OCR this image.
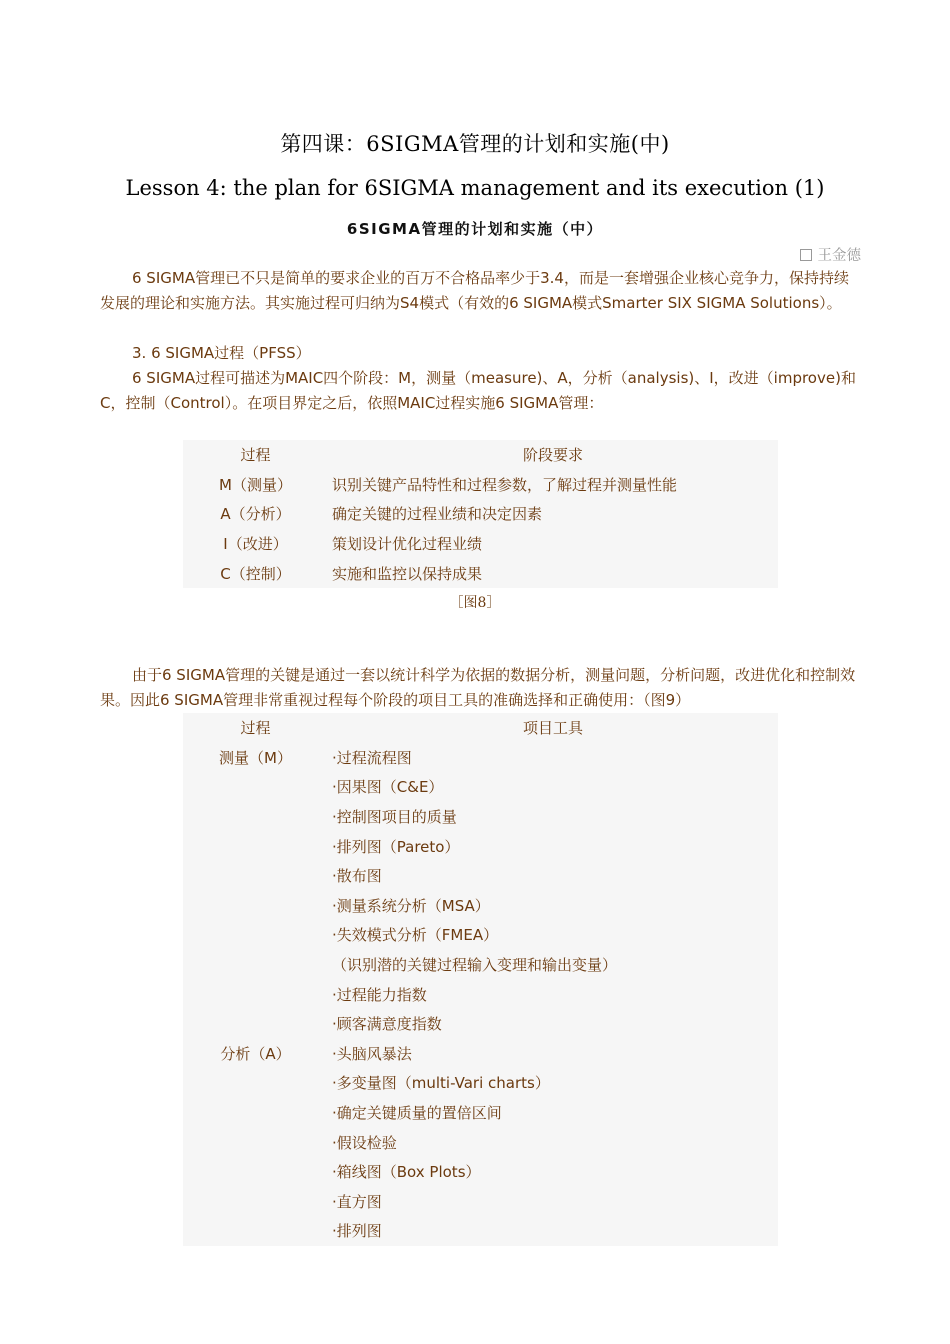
第四课：6SIGMA管理的计划和实施(中)
Lesson 4: the plan for 6SIGMA management and its execution (1)
6SIGMA管理的计划和实施（中）
王金德

6 SIGMA管理已不只是简单的要求企业的百万不合格品率少于3.4，而是一套增强企业核心竞争力，保持持续发展的理论和实施方法。其实施过程可归纳为S4模式（有效的6 SIGMA模式Smarter SIX SIGMA Solutions）。

3. 6 SIGMA过程（PFSS）

6 SIGMA过程可描述为MAIC四个阶段：M，测量（measure)、A，分析（analysis)、I，改进（improve)和C，控制（Control）。在项目界定之后，依照MAIC过程实施6 SIGMA管理：

过程	阶段要求
M（测量）	识别关键产品特性和过程参数，了解过程并测量性能
A（分析）	确定关键的过程业绩和决定因素
I（改进）	策划设计优化过程业绩
C（控制）	实施和监控以保持成果
［图8］

由于6 SIGMA管理的关键是通过一套以统计科学为依据的数据分析，测量问题，分析问题，改进优化和控制效果。因此6 SIGMA管理非常重视过程每个阶段的项目工具的准确选择和正确使用：（图9）

过程	项目工具
测量（M）	·过程流程图
·因果图（C&E）
·控制图项目的质量
·排列图（Pareto）
·散布图
·测量系统分析（MSA）
·失效模式分析（FMEA）
（识别潜的关键过程输入变理和输出变量）
·过程能力指数
·顾客满意度指数
分析（A）	·头脑风暴法
·多变量图（multi-Vari charts）
·确定关键质量的置倍区间
·假设检验
·箱线图（Box Plots）
·直方图
·排列图
